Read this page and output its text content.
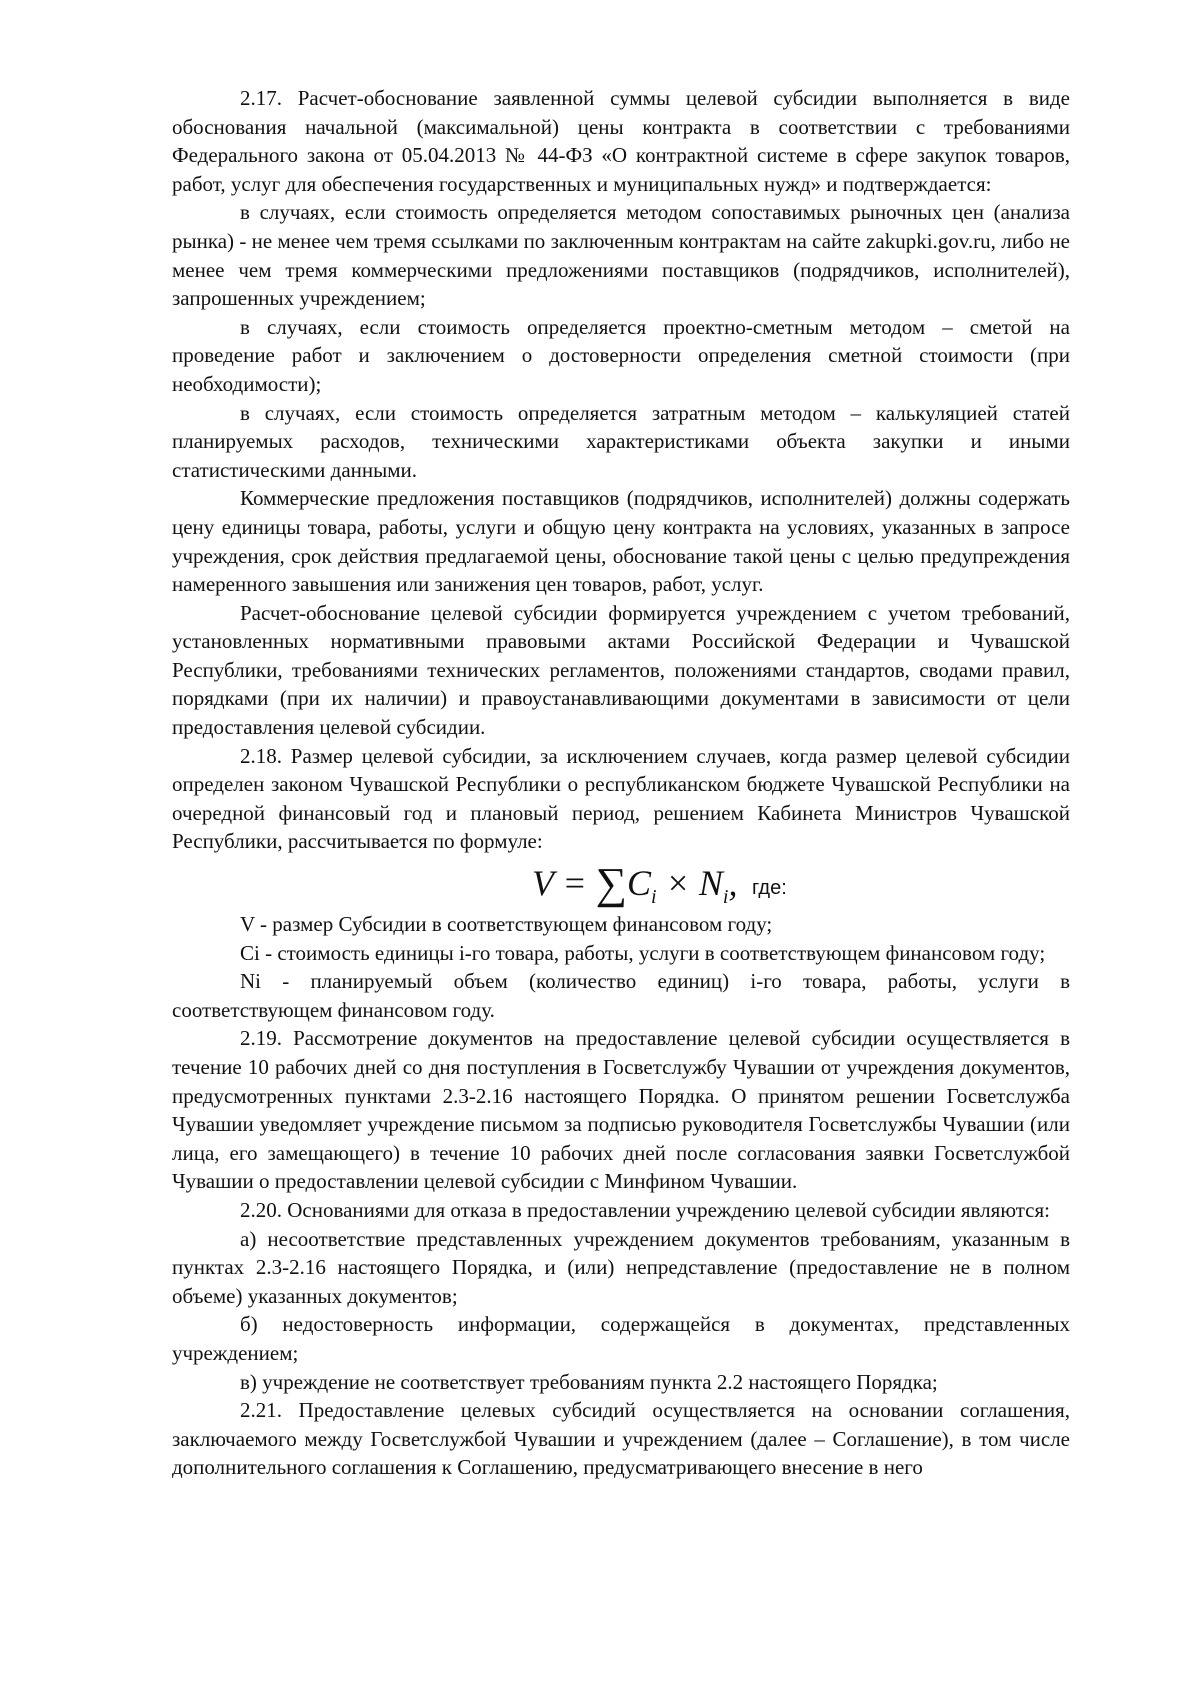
2.17. Расчет-обоснование заявленной суммы целевой субсидии выполняется в виде обоснования начальной (максимальной) цены контракта в соответствии с требованиями Федерального закона от 05.04.2013 № 44-ФЗ «О контрактной системе в сфере закупок товаров, работ, услуг для обеспечения государственных и муниципальных нужд» и подтверждается:

в случаях, если стоимость определяется методом сопоставимых рыночных цен (анализа рынка) - не менее чем тремя ссылками по заключенным контрактам на сайте zakupki.gov.ru, либо не менее чем тремя коммерческими предложениями поставщиков (подрядчиков, исполнителей), запрошенных учреждением;

в случаях, если стоимость определяется проектно-сметным методом – сметой на проведение работ и заключением о достоверности определения сметной стоимости (при необходимости);

в случаях, если стоимость определяется затратным методом – калькуляцией статей планируемых расходов, техническими характеристиками объекта закупки и иными статистическими данными.

Коммерческие предложения поставщиков (подрядчиков, исполнителей) должны содержать цену единицы товара, работы, услуги и общую цену контракта на условиях, указанных в запросе учреждения, срок действия предлагаемой цены, обоснование такой цены с целью предупреждения намеренного завышения или занижения цен товаров, работ, услуг.

Расчет-обоснование целевой субсидии формируется учреждением с учетом требований, установленных нормативными правовыми актами Российской Федерации и Чувашской Республики, требованиями технических регламентов, положениями стандартов, сводами правил, порядками (при их наличии) и правоустанавливающими документами в зависимости от цели предоставления целевой субсидии.

2.18. Размер целевой субсидии, за исключением случаев, когда размер целевой субсидии определен законом Чувашской Республики о республиканском бюджете Чувашской Республики на очередной финансовый год и плановый период, решением Кабинета Министров Чувашской Республики, рассчитывается по формуле:

$V = \sum C_i \times N_i$, где:

V - размер Субсидии в соответствующем финансовом году;

Ci - стоимость единицы i-го товара, работы, услуги в соответствующем финансовом году;

Ni - планируемый объем (количество единиц) i-го товара, работы, услуги в соответствующем финансовом году.

2.19. Рассмотрение документов на предоставление целевой субсидии осуществляется в течение 10 рабочих дней со дня поступления в Госветслужбу Чувашии от учреждения документов, предусмотренных пунктами 2.3-2.16 настоящего Порядка. О принятом решении Госветслужба Чувашии уведомляет учреждение письмом за подписью руководителя Госветслужбы Чувашии (или лица, его замещающего) в течение 10 рабочих дней после согласования заявки Госветслужбой Чувашии о предоставлении целевой субсидии с Минфином Чувашии.

2.20. Основаниями для отказа в предоставлении учреждению целевой субсидии являются:

а) несоответствие представленных учреждением документов требованиям, указанным в пунктах 2.3-2.16 настоящего Порядка, и (или) непредставление (предоставление не в полном объеме) указанных документов;

б) недостоверность информации, содержащейся в документах, представленных учреждением;

в) учреждение не соответствует требованиям пункта 2.2 настоящего Порядка;

2.21. Предоставление целевых субсидий осуществляется на основании соглашения, заключаемого между Госветслужбой Чувашии и учреждением (далее – Соглашение), в том числе дополнительного соглашения к Соглашению, предусматривающего внесение в него
